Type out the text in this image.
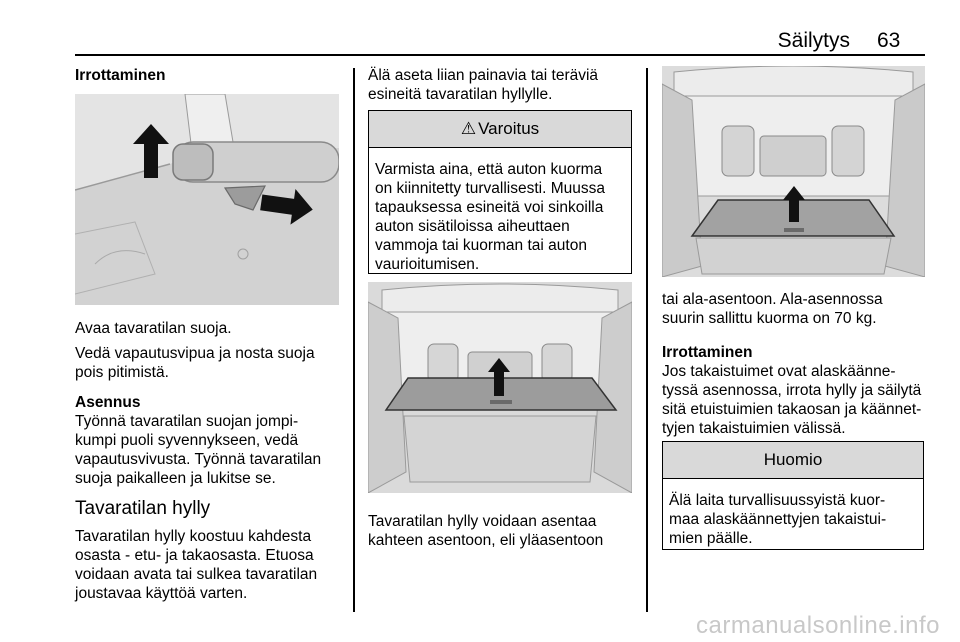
Säilytys 63
Irrottaminen
Avaa tavaratilan suoja.
Vedä vapautusvipua ja nosta suoja
pois pitimistä.
Asennus
Työnnä tavaratilan suojan jompi-
kumpi puoli syvennykseen, vedä
vapautusvivusta. Työnnä tavaratilan
suoja paikalleen ja lukitse se.
Tavaratilan hylly
Tavaratilan hylly koostuu kahdesta
osasta - etu- ja takaosasta. Etuosa
voidaan avata tai sulkea tavaratilan
joustavaa käyttöä varten.
Älä aseta liian painavia tai teräviä
esineitä tavaratilan hyllylle.
⚠ Varoitus
Varmista aina, että auton kuorma
on kiinnitetty turvallisesti. Muussa
tapauksessa esineitä voi sinkoilla
auton sisätiloissa aiheuttaen
vammoja tai kuorman tai auton
vaurioitumisen.
Tavaratilan hylly voidaan asentaa
kahteen asentoon, eli yläasentoon
tai ala-asentoon. Ala-asennossa
suurin sallittu kuorma on 70 kg.
Irrottaminen
Jos takaistuimet ovat alaskäänne-
tyssä asennossa, irrota hylly ja säilytä
sitä etuistuimien takaosan ja käännet-
tyjen takaistuimien välissä.
Huomio
Älä laita turvallisuussyistä kuor-
maa alaskäännettyjen takaistui-
mien päälle.
carmanualsonline.info
